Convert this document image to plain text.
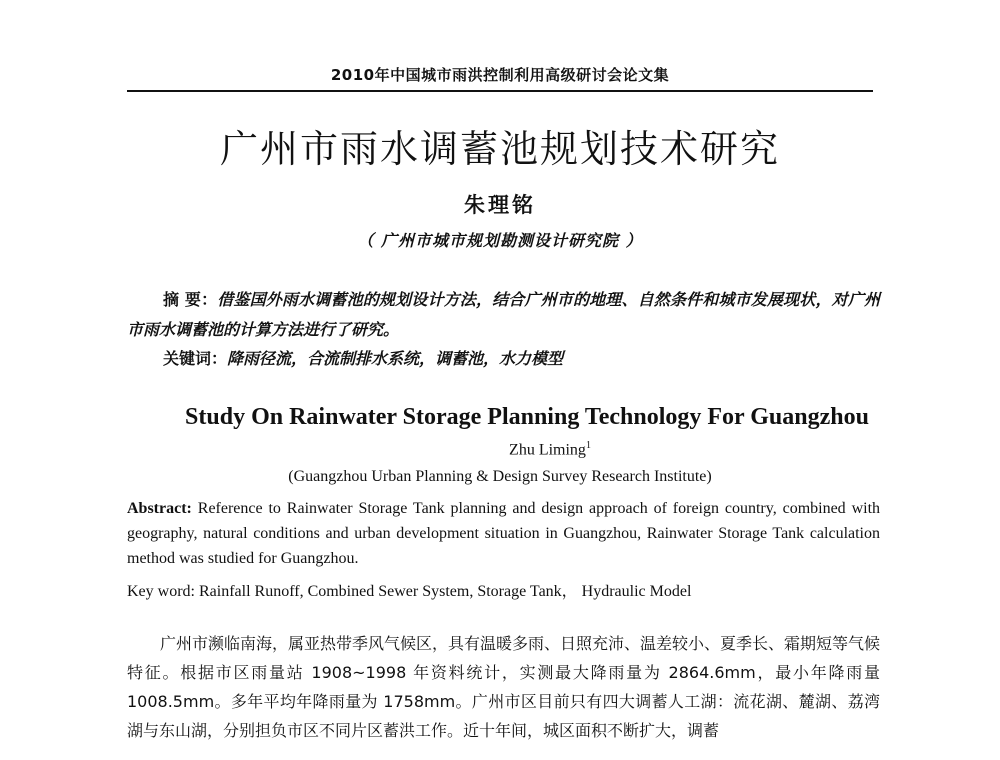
2010年中国城市雨洪控制利用高级研讨会论文集
广州市雨水调蓄池规划技术研究
朱理铭
（ 广州市城市规划勘测设计研究院 ）
摘 要：借鉴国外雨水调蓄池的规划设计方法，结合广州市的地理、自然条件和城市发展现状，对广州市雨水调蓄池的计算方法进行了研究。
关键词：降雨径流，合流制排水系统，调蓄池，水力模型
Study On Rainwater Storage Planning Technology For Guangzhou
Zhu Liming$^1$
(Guangzhou Urban Planning & Design Survey Research Institute)
Abstract: Reference to Rainwater Storage Tank planning and design approach of foreign country, combined with geography, natural conditions and urban development situation in Guangzhou, Rainwater Storage Tank calculation method was studied for Guangzhou.
Key word: Rainfall Runoff, Combined Sewer System, Storage Tank， Hydraulic Model
广州市濒临南海，属亚热带季风气候区，具有温暖多雨、日照充沛、温差较小、夏季长、霜期短等气候特征。根据市区雨量站 1908~1998 年资料统计，实测最大降雨量为 2864.6mm，最小年降雨量 1008.5mm。多年平均年降雨量为 1758mm。广州市区目前只有四大调蓄人工湖：流花湖、麓湖、荔湾湖与东山湖，分别担负市区不同片区蓄洪工作。近十年间，城区面积不断扩大，调蓄
